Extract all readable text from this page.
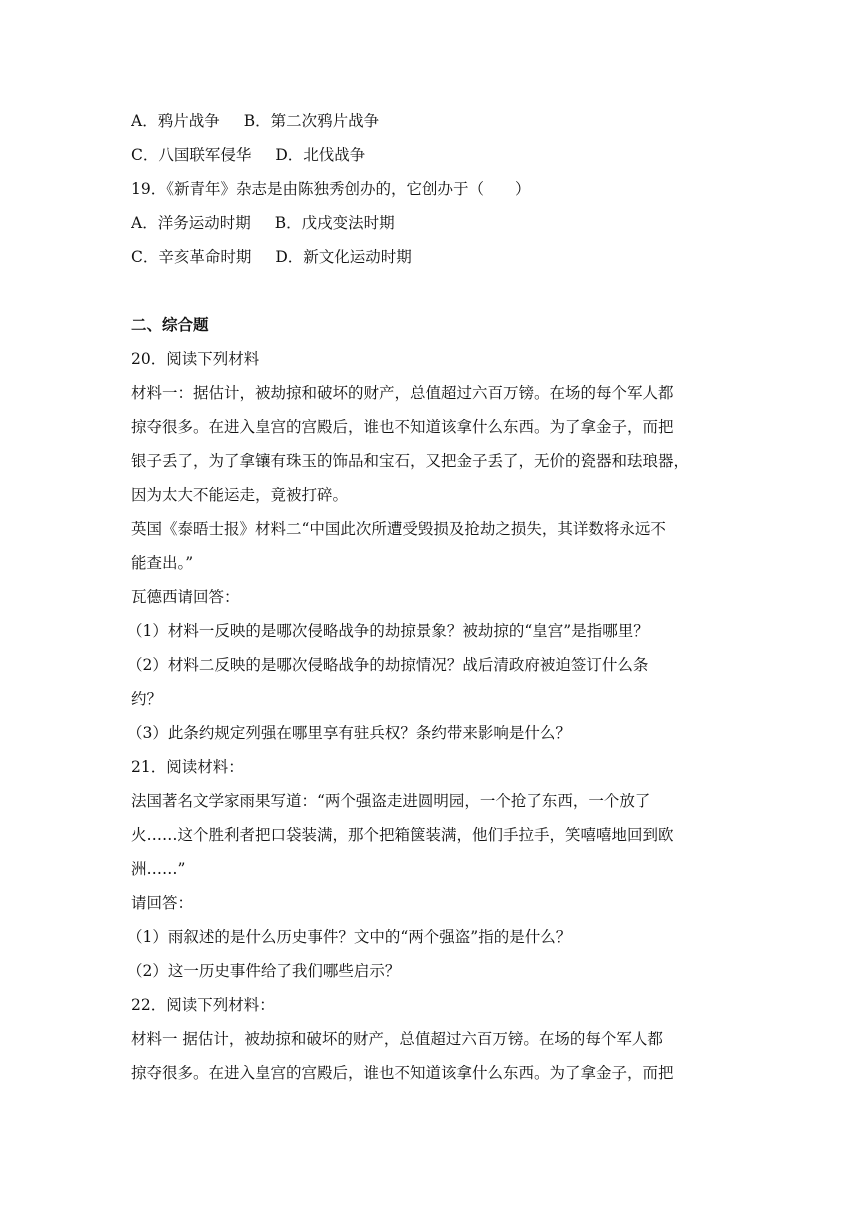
A．鸦片战争 B．第二次鸦片战争
C．八国联军侵华 D．北伐战争
19．《新青年》杂志是由陈独秀创办的，它创办于（　　）
A．洋务运动时期 B．戊戌变法时期
C．辛亥革命时期 D．新文化运动时期
二、综合题
20．阅读下列材料
材料一：据估计，被劫掠和破坏的财产，总值超过六百万镑。在场的每个军人都
掠夺很多。在进入皇宫的宫殿后，谁也不知道该拿什么东西。为了拿金子，而把
银子丢了，为了拿镶有珠玉的饰品和宝石，又把金子丢了，无价的瓷器和珐琅器，
因为太大不能运走，竟被打碎。
英国《泰晤士报》材料二“中国此次所遭受毁损及抢劫之损失，其详数将永远不
能查出。”
瓦德西请回答：
（1）材料一反映的是哪次侵略战争的劫掠景象？被劫掠的“皇宫”是指哪里？
（2）材料二反映的是哪次侵略战争的劫掠情况？战后清政府被迫签订什么条
约？
（3）此条约规定列强在哪里享有驻兵权？条约带来影响是什么？
21．阅读材料：
法国著名文学家雨果写道：“两个强盗走进圆明园，一个抢了东西，一个放了
火……这个胜利者把口袋装满，那个把箱箧装满，他们手拉手，笑嘻嘻地回到欧
洲……”
请回答：
（1）雨叙述的是什么历史事件？文中的“两个强盗”指的是什么？
（2）这一历史事件给了我们哪些启示？
22．阅读下列材料：
材料一 据估计，被劫掠和破坏的财产，总值超过六百万镑。在场的每个军人都
掠夺很多。在进入皇宫的宫殿后，谁也不知道该拿什么东西。为了拿金子，而把
